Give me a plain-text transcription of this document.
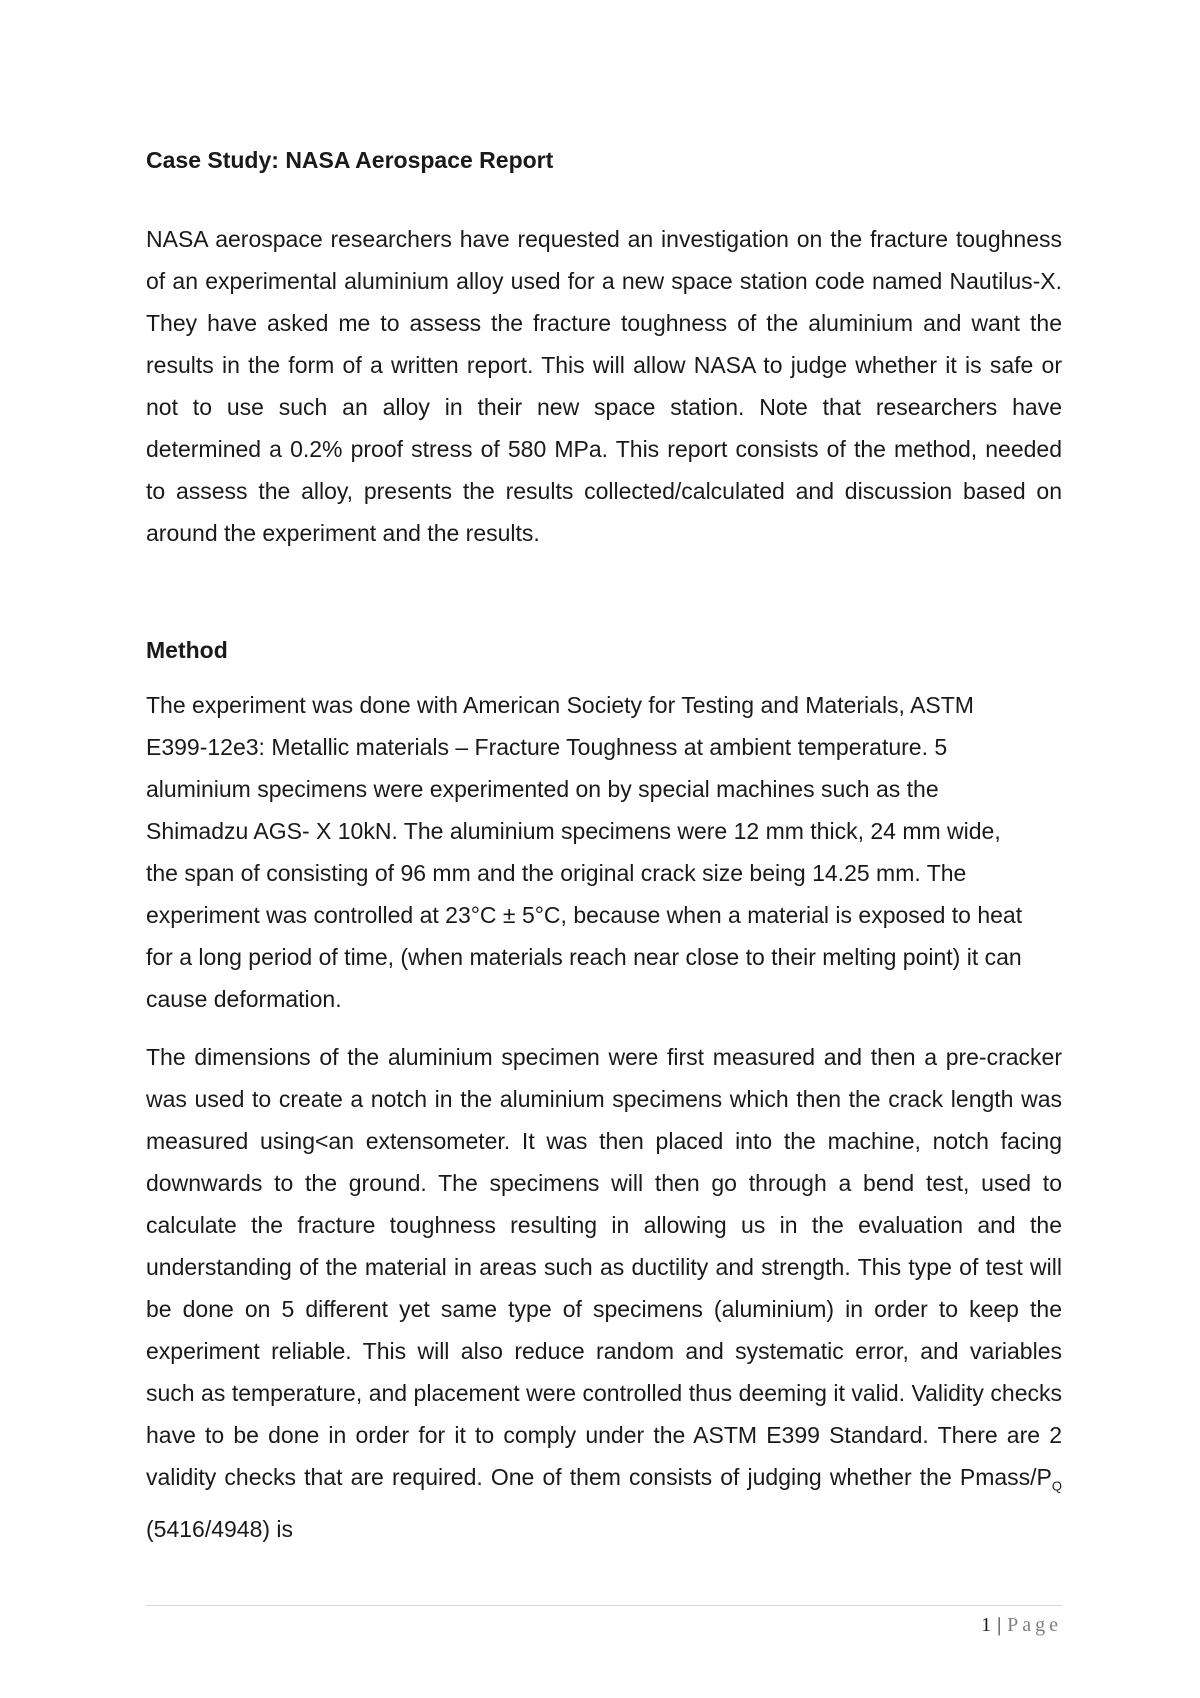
Case Study: NASA Aerospace Report

NASA aerospace researchers have requested an investigation on the fracture toughness of an experimental aluminium alloy used for a new space station code named Nautilus-X. They have asked me to assess the fracture toughness of the aluminium and want the results in the form of a written report. This will allow NASA to judge whether it is safe or not to use such an alloy in their new space station. Note that researchers have determined a 0.2% proof stress of 580 MPa. This report consists of the method, needed to assess the alloy, presents the results collected/calculated and discussion based on around the experiment and the results.

Method

The experiment was done with American Society for Testing and Materials, ASTM E399-12e3: Metallic materials – Fracture Toughness at ambient temperature. 5 aluminium specimens were experimented on by special machines such as the Shimadzu AGS- X 10kN. The aluminium specimens were 12 mm thick, 24 mm wide, the span of consisting of 96 mm and the original crack size being 14.25 mm. The experiment was controlled at 23°C ± 5°C, because when a material is exposed to heat for a long period of time, (when materials reach near close to their melting point) it can cause deformation.

The dimensions of the aluminium specimen were first measured and then a pre-cracker was used to create a notch in the aluminium specimens which then the crack length was measured using<an extensometer. It was then placed into the machine, notch facing downwards to the ground. The specimens will then go through a bend test, used to calculate the fracture toughness resulting in allowing us in the evaluation and the understanding of the material in areas such as ductility and strength. This type of test will be done on 5 different yet same type of specimens (aluminium) in order to keep the experiment reliable. This will also reduce random and systematic error, and variables such as temperature, and placement were controlled thus deeming it valid. Validity checks have to be done in order for it to comply under the ASTM E399 Standard. There are 2 validity checks that are required. One of them consists of judging whether the Pmass/$P_Q$ (5416/4948) is

1 | Page
